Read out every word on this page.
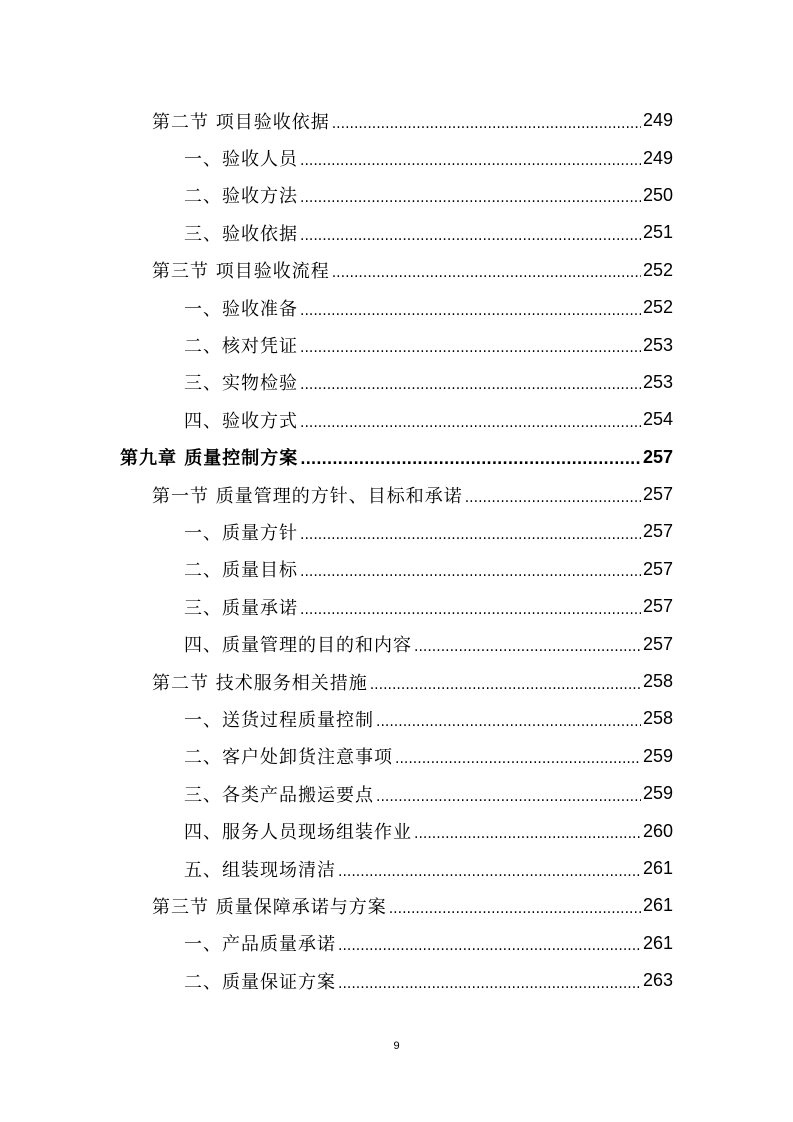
第二节 项目验收依据 .....	249
一、验收人员 .....	249
二、验收方法 .....	250
三、验收依据 .....	251
第三节 项目验收流程 .....	252
一、验收准备 .....	252
二、核对凭证 .....	253
三、实物检验 .....	253
四、验收方式 .....	254
第九章 质量控制方案 .....	257
第一节 质量管理的方针、目标和承诺 .....	257
一、质量方针 .....	257
二、质量目标 .....	257
三、质量承诺 .....	257
四、质量管理的目的和内容 .....	257
第二节 技术服务相关措施 .....	258
一、送货过程质量控制 .....	258
二、客户处卸货注意事项 .....	259
三、各类产品搬运要点 .....	259
四、服务人员现场组装作业 .....	260
五、组装现场清洁 .....	261
第三节 质量保障承诺与方案 .....	261
一、产品质量承诺 .....	261
二、质量保证方案 .....	263
9
